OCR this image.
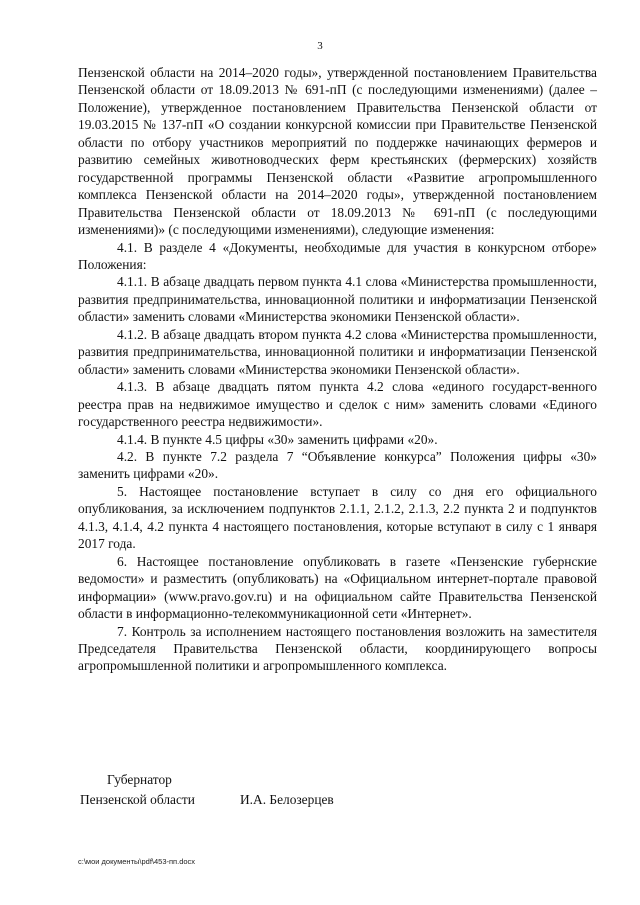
3

Пензенской области на 2014–2020 годы», утвержденной постановлением Правительства Пензенской области от 18.09.2013 № 691-пП (с последующими изменениями) (далее – Положение), утвержденное постановлением Правительства Пензенской области от 19.03.2015 № 137-пП «О создании конкурсной комиссии при Правительстве Пензенской области по отбору участников мероприятий по поддержке начинающих фермеров и развитию семейных животноводческих ферм крестьянских (фермерских) хозяйств государственной программы Пензенской области «Развитие агропромышленного комплекса Пензенской области на 2014–2020 годы», утвержденной постановлением Правительства Пензенской области от 18.09.2013 № 691-пП (с последующими изменениями)» (с последующими изменениями), следующие изменения:

4.1. В разделе 4 «Документы, необходимые для участия в конкурсном отборе» Положения:

4.1.1. В абзаце двадцать первом пункта 4.1 слова «Министерства промышленности, развития предпринимательства, инновационной политики и информатизации Пензенской области» заменить словами «Министерства экономики Пензенской области».

4.1.2. В абзаце двадцать втором пункта 4.2 слова «Министерства промышленности, развития предпринимательства, инновационной политики и информатизации Пензенской области» заменить словами «Министерства экономики Пензенской области».

4.1.3. В абзаце двадцать пятом пункта 4.2 слова «единого государст-венного реестра прав на недвижимое имущество и сделок с ним» заменить словами «Единого государственного реестра недвижимости».

4.1.4. В пункте 4.5 цифры «30» заменить цифрами «20».

4.2. В пункте 7.2 раздела 7 “Объявление конкурса” Положения цифры «30» заменить цифрами «20».

5. Настоящее постановление вступает в силу со дня его официального опубликования, за исключением подпунктов 2.1.1, 2.1.2, 2.1.3, 2.2 пункта 2 и подпунктов 4.1.3, 4.1.4, 4.2 пункта 4 настоящего постановления, которые вступают в силу с 1 января 2017 года.

6. Настоящее постановление опубликовать в газете «Пензенские губернские ведомости» и разместить (опубликовать) на «Официальном интернет-портале правовой информации» (www.pravo.gov.ru) и на официальном сайте Правительства Пензенской области в информационно-телекоммуникационной сети «Интернет».

7. Контроль за исполнением настоящего постановления возложить на заместителя Председателя Правительства Пензенской области, координирующего вопросы агропромышленной политики и агропромышленного комплекса.

Губернатор
Пензенской области	И.А. Белозерцев
c:\мои документы\pdf\453-пп.docx
